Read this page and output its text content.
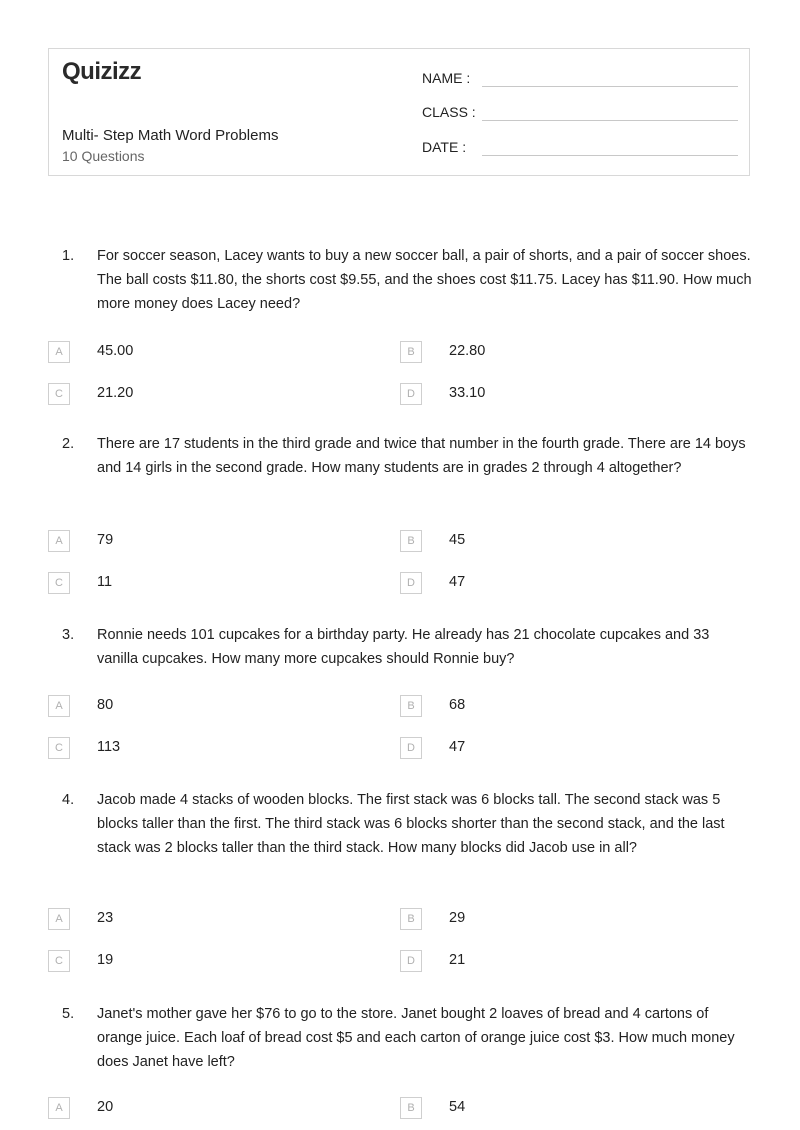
Quizizz
Multi- Step Math Word Problems
10 Questions
NAME :
CLASS :
DATE :
1. For soccer season, Lacey wants to buy a new soccer ball, a pair of shorts, and a pair of soccer shoes. The ball costs $11.80, the shorts cost $9.55, and the shoes cost $11.75. Lacey has $11.90. How much more money does Lacey need?
A	45.00	B	22.80
C	21.20	D	33.10
2. There are 17 students in the third grade and twice that number in the fourth grade. There are 14 boys and 14 girls in the second grade. How many students are in grades 2 through 4 altogether?
A	79	B	45
C	11	D	47
3. Ronnie needs 101 cupcakes for a birthday party. He already has 21 chocolate cupcakes and 33 vanilla cupcakes. How many more cupcakes should Ronnie buy?
A	80	B	68
C	113	D	47
4. Jacob made 4 stacks of wooden blocks. The first stack was 6 blocks tall. The second stack was 5 blocks taller than the first. The third stack was 6 blocks shorter than the second stack, and the last stack was 2 blocks taller than the third stack. How many blocks did Jacob use in all?
A	23	B	29
C	19	D	21
5. Janet's mother gave her $76 to go to the store. Janet bought 2 loaves of bread and 4 cartons of orange juice. Each loaf of bread cost $5 and each carton of orange juice cost $3. How much money does Janet have left?
A	20	B	54
